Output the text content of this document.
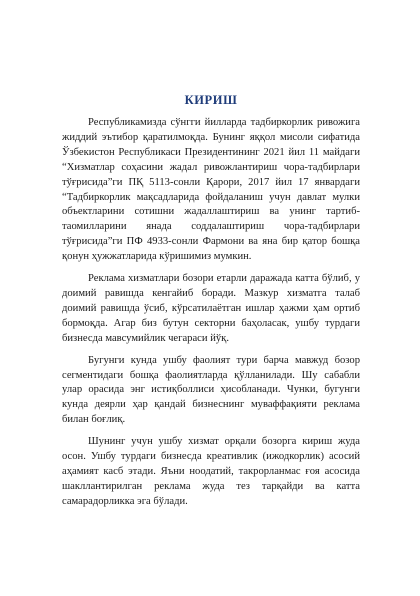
КИРИШ

Республикамизда сўнгги йилларда тадбиркорлик ривожига жиддий эътибор қаратилмоқда. Бунинг яққол мисоли сифатида Ўзбекистон Республикаси Президентининг 2021 йил 11 майдаги “Хизматлар соҳасини жадал ривожлантириш чора-тадбирлари тўғрисида”ги ПҚ 5113-сонли Қарори, 2017 йил 17 январдаги “Тадбиркорлик мақсадларида фойдаланиш учун давлат мулки объектларини сотишни жадаллаштириш ва унинг тартиб-таомилларини янада соддалаштириш чора-тадбирлари тўғрисида”ги ПФ 4933-сонли Фармони ва яна бир қатор бошқа қонун ҳужжатларида кўришимиз мумкин.

Реклама хизматлари бозори етарли даражада катта бўлиб, у доимий равишда кенгайиб боради. Мазкур хизматга талаб доимий равишда ўсиб, кўрсатилаётган ишлар ҳажми ҳам ортиб бормоқда. Агар биз бутун секторни баҳоласак, ушбу турдаги бизнесда мавсумийлик чегараси йўқ.

Бугунги кунда ушбу фаолият тури барча мавжуд бозор сегментидаги бошқа фаолиятларда қўлланилади. Шу сабабли улар орасида энг истиқболлиси ҳисобланади. Чунки, бугунги кунда деярли ҳар қандай бизнеснинг муваффақияти реклама билан боғлиқ.

Шунинг учун ушбу хизмат орқали бозорга кириш жуда осон. Ушбу турдаги бизнесда креативлик (ижодкорлик) асосий аҳамият касб этади. Яъни ноодатий, такрорланмас ғоя асосида шакллантирилган реклама жуда тез тарқайди ва катта самарадорликка эга бўлади.
